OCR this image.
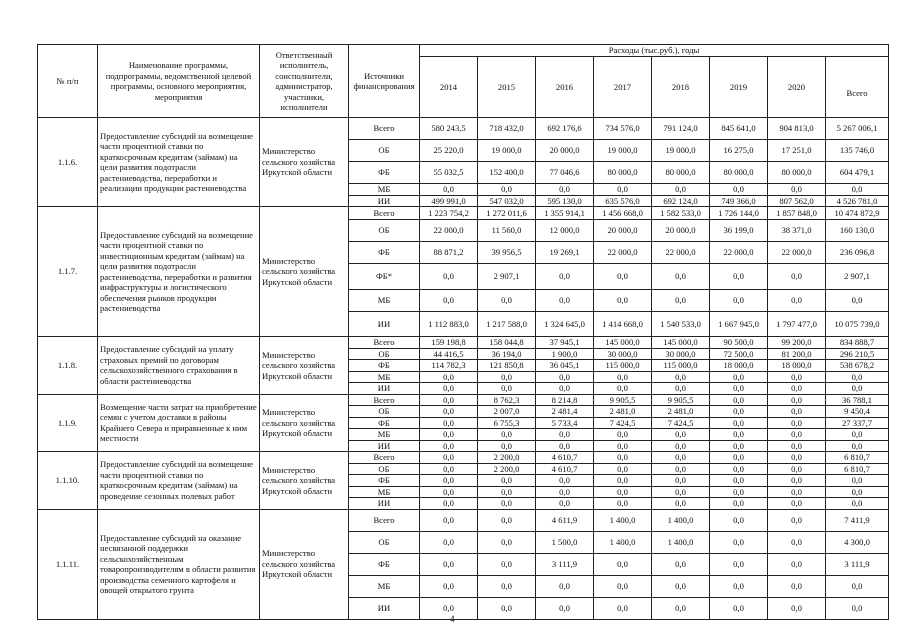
№ п/п	Наименование программы, подпрограммы, ведомственной целевой программы, основного мероприятия, мероприятия	Ответственный исполнитель, соисполнители, администратор, участники, исполнители	Источники финансирования	Расходы (тыс.руб.), годы							
				2014	2015	2016	2017	2018	2019	2020	Всего
1.1.6.	Предоставление субсидий на возмещение части процентной ставки по краткосрочным кредитам (займам) на цели развития подотрасли растениеводства, переработки и реализации продукции растениеводства	Министерство сельского хозяйства Иркутской области	Всего	580 243,5	718 432,0	692 176,6	734 576,0	791 124,0	845 641,0	904 813,0	5 267 006,1
			ОБ	25 220,0	19 000,0	20 000,0	19 000,0	19 000,0	16 275,0	17 251,0	135 746,0
			ФБ	55 032,5	152 400,0	77 046,6	80 000,0	80 000,0	80 000,0	80 000,0	604 479,1
			МБ	0,0	0,0	0,0	0,0	0,0	0,0	0,0	0,0
			ИИ	499 991,0	547 032,0	595 130,0	635 576,0	692 124,0	749 366,0	807 562,0	4 526 781,0
1.1.7.	Предоставление субсидий на возмещение части процентной ставки по инвестиционным кредитам (займам) на цели развития подотрасли растениеводства, переработки и развития инфраструктуры и логистического обеспечения рынков продукции растениеводства	Министерство сельского хозяйства Иркутской области	Всего	1 223 754,2	1 272 011,6	1 355 914,1	1 456 668,0	1 582 533,0	1 726 144,0	1 857 848,0	10 474 872,9
			ОБ	22 000,0	11 560,0	12 000,0	20 000,0	20 000,0	36 199,0	38 371,0	160 130,0
			ФБ	88 871,2	39 956,5	19 269,1	22 000,0	22 000,0	22 000,0	22 000,0	236 096,8
			ФБ*	0,0	2 907,1	0,0	0,0	0,0	0,0	0,0	2 907,1
			МБ	0,0	0,0	0,0	0,0	0,0	0,0	0,0	0,0
			ИИ	1 112 883,0	1 217 588,0	1 324 645,0	1 414 668,0	1 540 533,0	1 667 945,0	1 797 477,0	10 075 739,0
1.1.8.	Предоставление субсидий на уплату страховых премий по договорам сельскохозяйственного страхования в области растениеводства	Министерство сельского хозяйства Иркутской области	Всего	159 198,8	158 044,8	37 945,1	145 000,0	145 000,0	90 500,0	99 200,0	834 888,7
			ОБ	44 416,5	36 194,0	1 900,0	30 000,0	30 000,0	72 500,0	81 200,0	296 210,5
			ФБ	114 782,3	121 850,8	36 045,1	115 000,0	115 000,0	18 000,0	18 000,0	538 678,2
			МБ	0,0	0,0	0,0	0,0	0,0	0,0	0,0	0,0
			ИИ	0,0	0,0	0,0	0,0	0,0	0,0	0,0	0,0
1.1.9.	Возмещение части затрат на приобретение семян с учетом доставки в районы Крайнего Севера и приравненные к ним местности	Министерство сельского хозяйства Иркутской области	Всего	0,0	8 762,3	8 214,8	9 905,5	9 905,5	0,0	0,0	36 788,1
			ОБ	0,0	2 007,0	2 481,4	2 481,0	2 481,0	0,0	0,0	9 450,4
			ФБ	0,0	6 755,3	5 733,4	7 424,5	7 424,5	0,0	0,0	27 337,7
			МБ	0,0	0,0	0,0	0,0	0,0	0,0	0,0	0,0
			ИИ	0,0	0,0	0,0	0,0	0,0	0,0	0,0	0,0
1.1.10.	Предоставление субсидий на возмещение части процентной ставки по краткосрочным кредитам (займам) на проведение сезонных полевых работ	Министерство сельского хозяйства Иркутской области	Всего	0,0	2 200,0	4 610,7	0,0	0,0	0,0	0,0	6 810,7
			ОБ	0,0	2 200,0	4 610,7	0,0	0,0	0,0	0,0	6 810,7
			ФБ	0,0	0,0	0,0	0,0	0,0	0,0	0,0	0,0
			МБ	0,0	0,0	0,0	0,0	0,0	0,0	0,0	0,0
			ИИ	0,0	0,0	0,0	0,0	0,0	0,0	0,0	0,0
1.1.11.	Предоставление субсидий на оказание несвязанной поддержки сельскохозяйственным товаропроизводителям в области развития производства семенного картофеля и овощей открытого грунта	Министерство сельского хозяйства Иркутской области	Всего	0,0	0,0	4 611,9	1 400,0	1 400,0	0,0	0,0	7 411,9
			ОБ	0,0	0,0	1 500,0	1 400,0	1 400,0	0,0	0,0	4 300,0
			ФБ	0,0	0,0	3 111,9	0,0	0,0	0,0	0,0	3 111,9
			МБ	0,0	0,0	0,0	0,0	0,0	0,0	0,0	0,0
			ИИ	0,0	0,0	0,0	0,0	0,0	0,0	0,0	0,0
4
